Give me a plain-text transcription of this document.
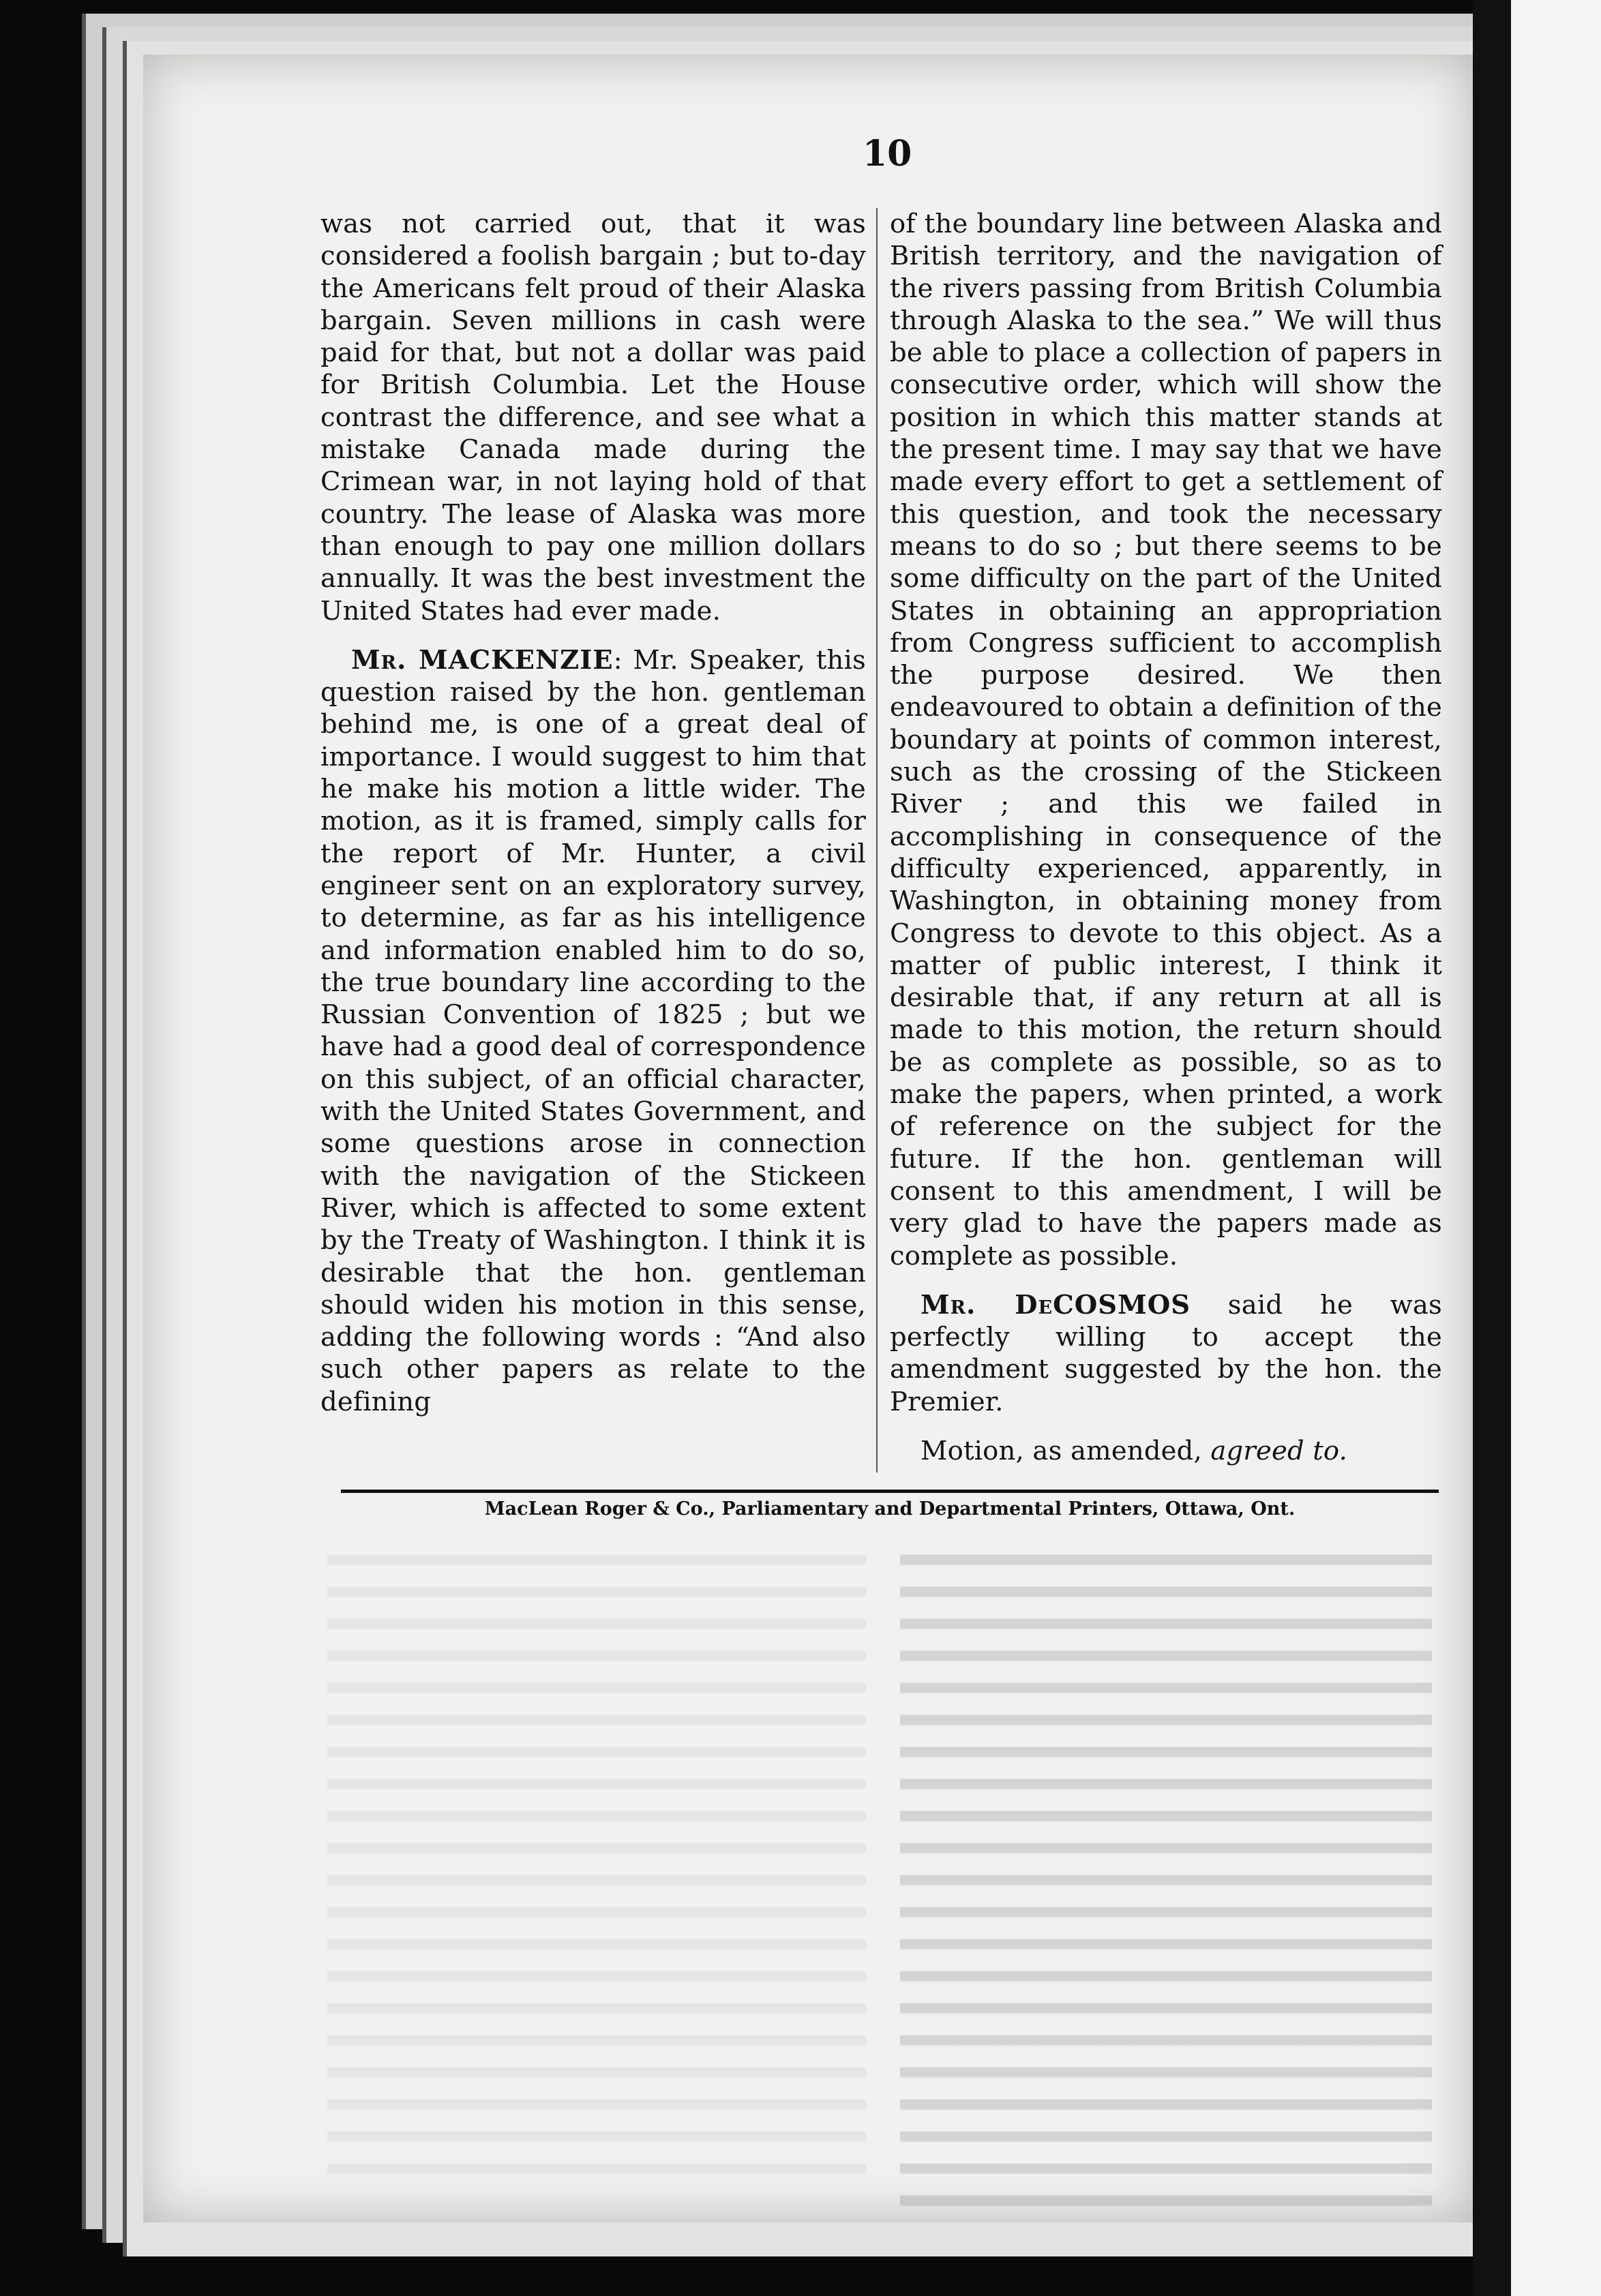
10

was not carried out, that it was considered a foolish bargain ; but to-day the Americans felt proud of their Alaska bargain. Seven millions in cash were paid for that, but not a dollar was paid for British Columbia. Let the House contrast the difference, and see what a mistake Canada made during the Crimean war, in not laying hold of that country. The lease of Alaska was more than enough to pay one million dollars annually. It was the best investment the United States had ever made.

Mr. MACKENZIE: Mr. Speaker, this question raised by the hon. gentleman behind me, is one of a great deal of importance. I would suggest to him that he make his motion a little wider. The motion, as it is framed, simply calls for the report of Mr. Hunter, a civil engineer sent on an exploratory survey, to determine, as far as his intelligence and information enabled him to do so, the true boundary line according to the Russian Convention of 1825 ; but we have had a good deal of correspondence on this subject, of an official character, with the United States Government, and some questions arose in connection with the navigation of the Stickeen River, which is affected to some extent by the Treaty of Washington. I think it is desirable that the hon. gentleman should widen his motion in this sense, adding the following words : “And also such other papers as relate to the defining

of the boundary line between Alaska and British territory, and the navigation of the rivers passing from British Columbia through Alaska to the sea.” We will thus be able to place a collection of papers in consecutive order, which will show the position in which this matter stands at the present time. I may say that we have made every effort to get a settlement of this question, and took the necessary means to do so ; but there seems to be some difficulty on the part of the United States in obtaining an appropriation from Congress sufficient to accomplish the purpose desired. We then endeavoured to obtain a definition of the boundary at points of common interest, such as the crossing of the Stickeen River ; and this we failed in accomplishing in consequence of the difficulty experienced, apparently, in Washington, in obtaining money from Congress to devote to this object. As a matter of public interest, I think it desirable that, if any return at all is made to this motion, the return should be as complete as possible, so as to make the papers, when printed, a work of reference on the subject for the future. If the hon. gentleman will consent to this amendment, I will be very glad to have the papers made as complete as possible.

Mr. DeCOSMOS said he was perfectly willing to accept the amendment suggested by the hon. the Premier.

Motion, as amended, agreed to.

MacLean Roger & Co., Parliamentary and Departmental Printers, Ottawa, Ont.
